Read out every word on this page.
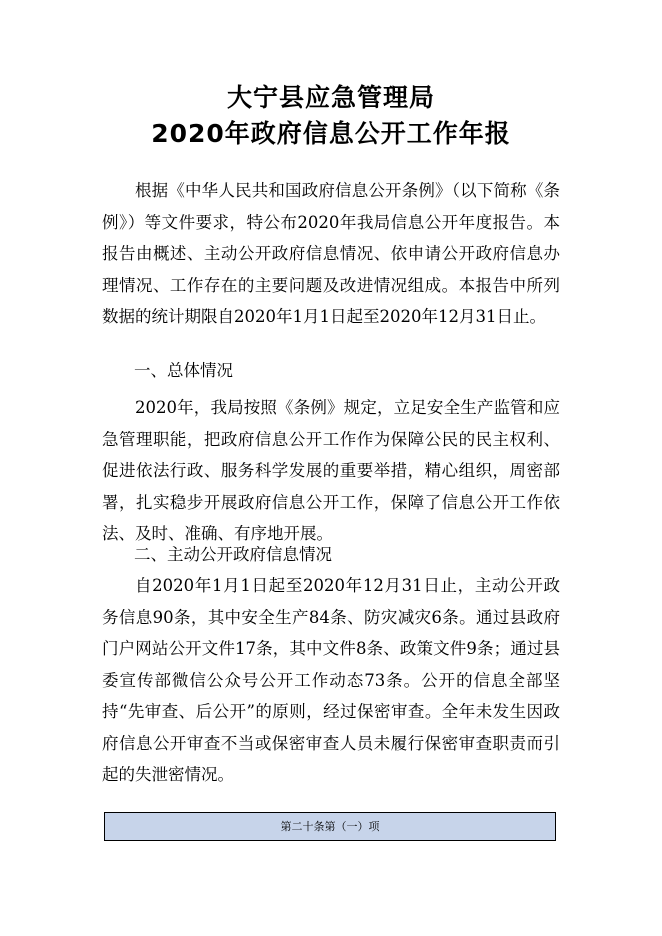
大宁县应急管理局
2020年政府信息公开工作年报
根据《中华人民共和国政府信息公开条例》（以下简称《条例》）等文件要求，特公布2020年我局信息公开年度报告。本报告由概述、主动公开政府信息情况、依申请公开政府信息办理情况、工作存在的主要问题及改进情况组成。本报告中所列数据的统计期限自2020年1月1日起至2020年12月31日止。
一、总体情况
2020年，我局按照《条例》规定，立足安全生产监管和应急管理职能，把政府信息公开工作作为保障公民的民主权利、促进依法行政、服务科学发展的重要举措，精心组织，周密部署，扎实稳步开展政府信息公开工作，保障了信息公开工作依法、及时、准确、有序地开展。
二、主动公开政府信息情况
自2020年1月1日起至2020年12月31日止，主动公开政务信息90条，其中安全生产84条、防灾减灾6条。通过县政府门户网站公开文件17条，其中文件8条、政策文件9条；通过县委宣传部微信公众号公开工作动态73条。公开的信息全部坚持“先审查、后公开”的原则，经过保密审查。全年未发生因政府信息公开审查不当或保密审查人员未履行保密审查职责而引起的失泄密情况。
第二十条第（一）项
